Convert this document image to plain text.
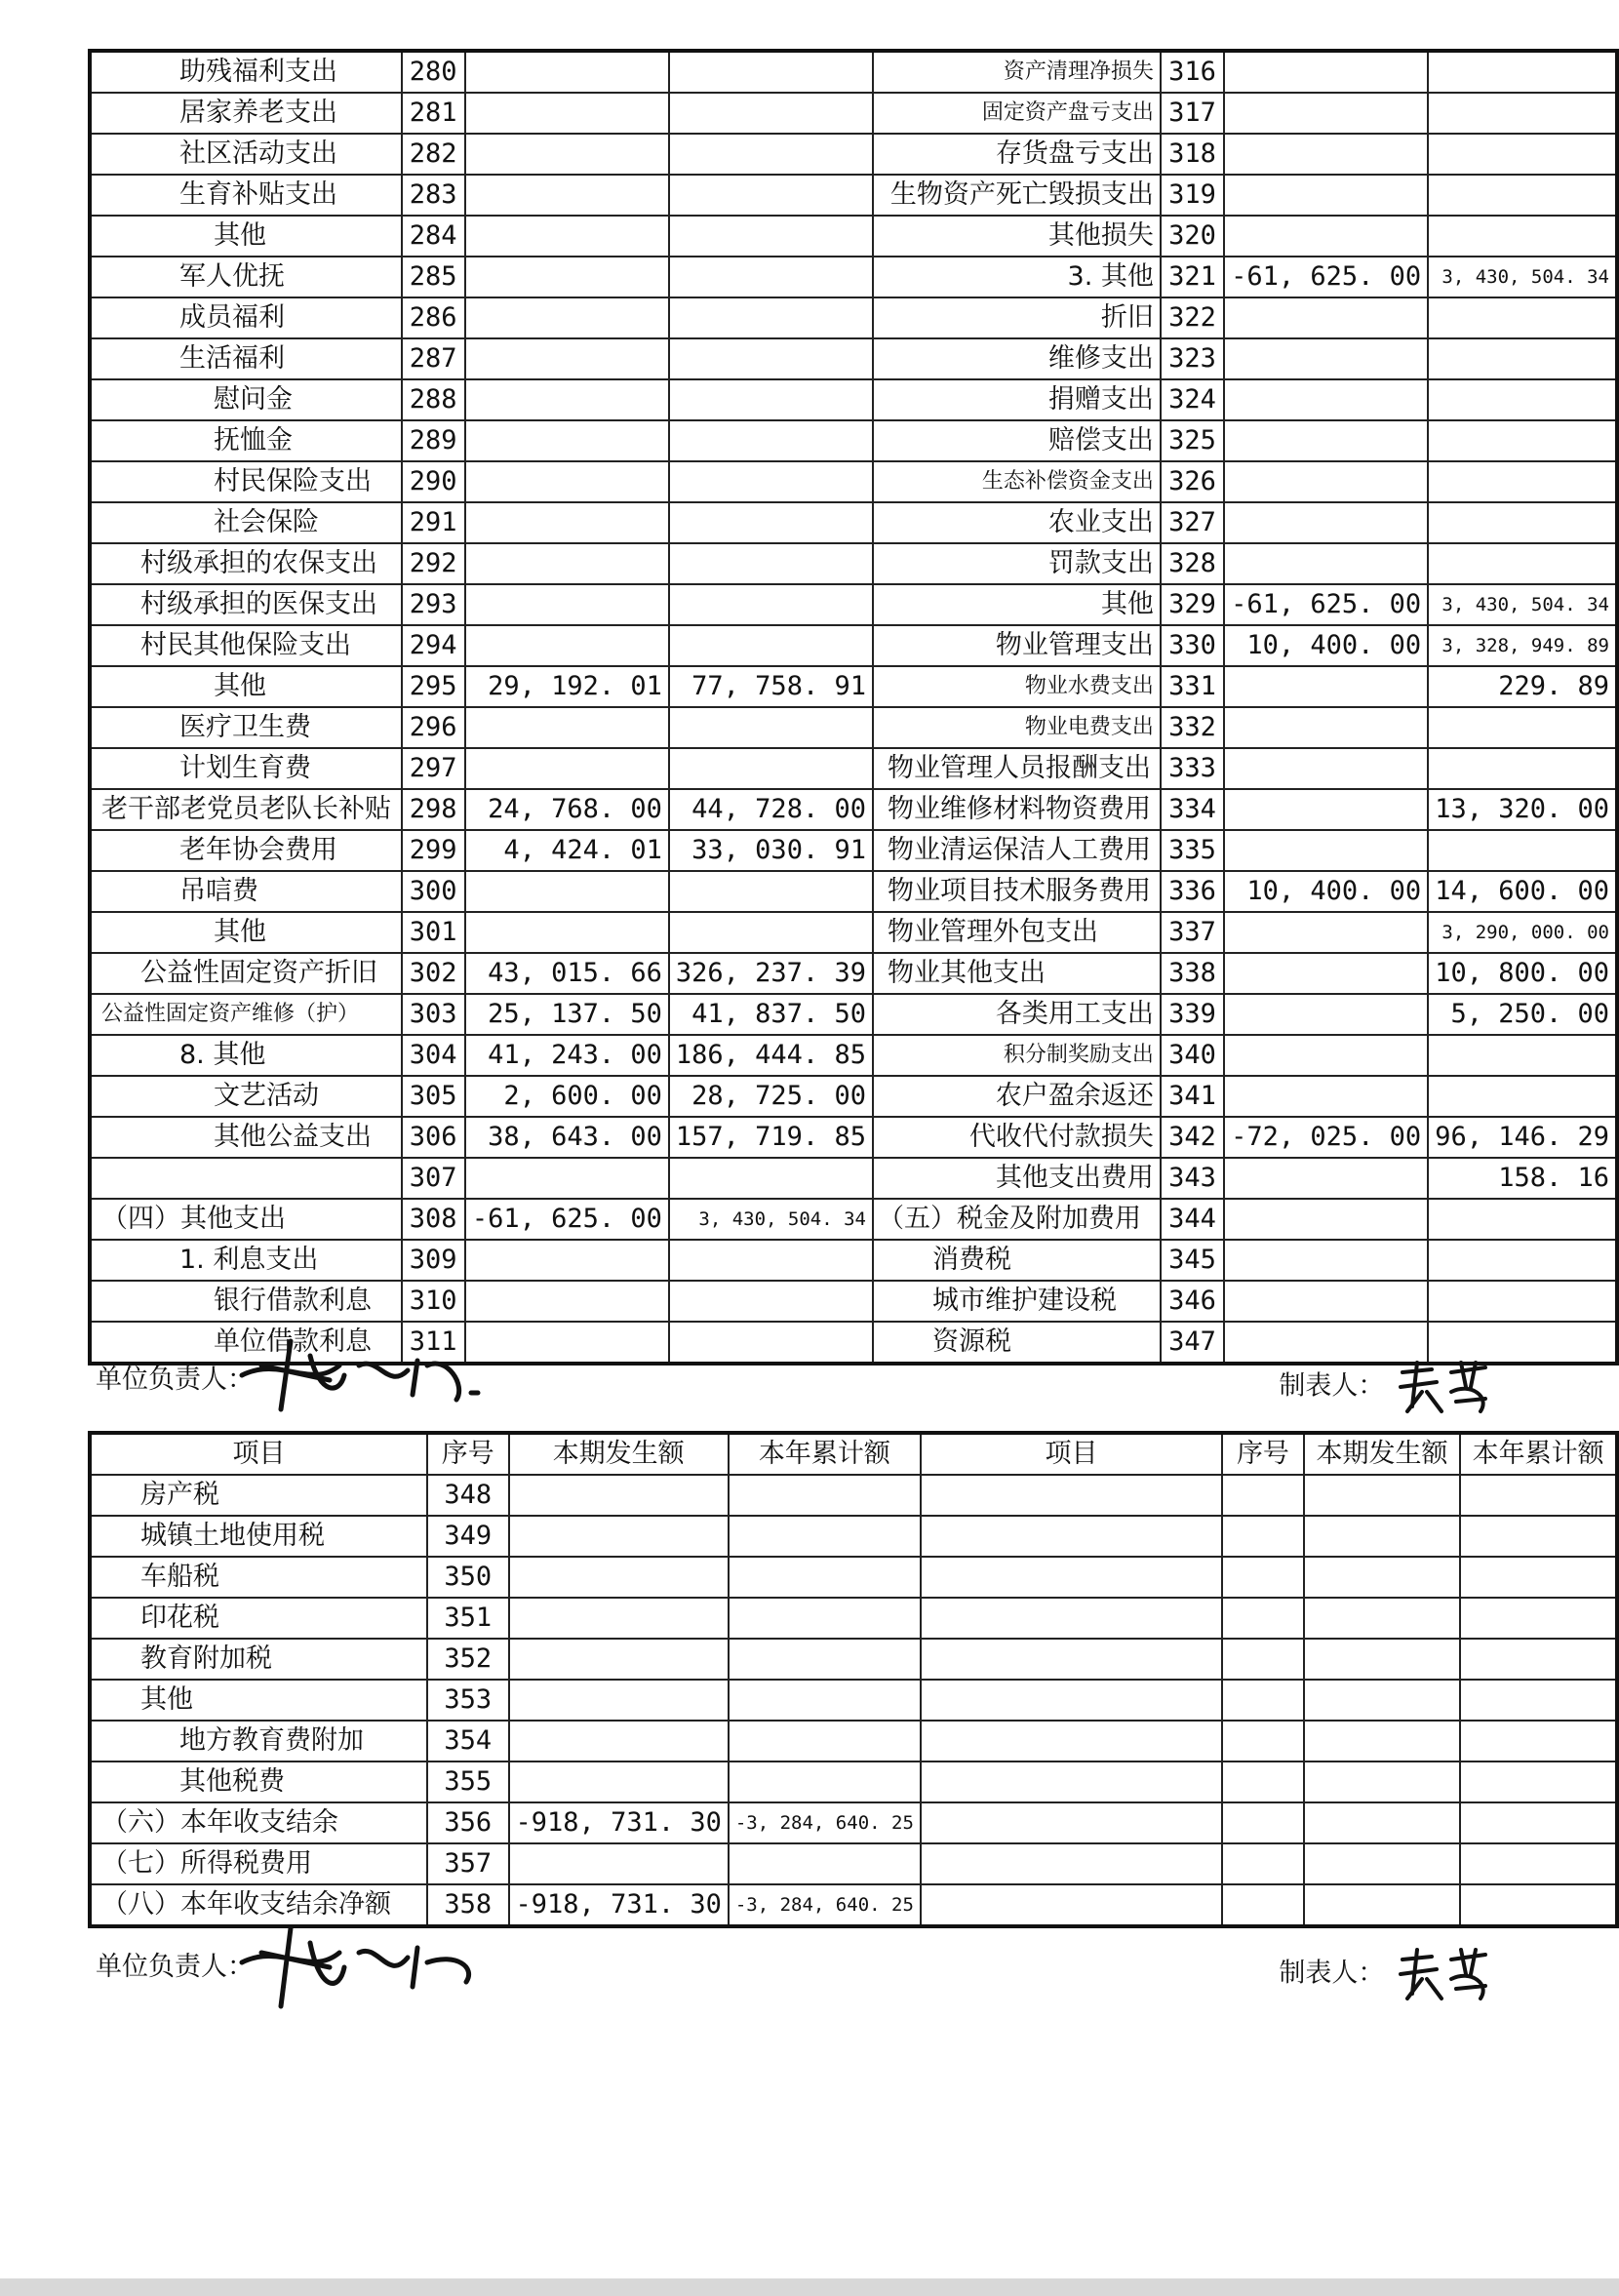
助残福利支出	280			资产清理净损失	316		
居家养老支出	281			固定资产盘亏支出	317		
社区活动支出	282			存货盘亏支出	318		
生育补贴支出	283			生物资产死亡毁损支出	319		
其他	284			其他损失	320		
军人优抚	285			3. 其他	321	-61, 625. 00	3, 430, 504. 34
成员福利	286			折旧	322		
生活福利	287			维修支出	323		
慰问金	288			捐赠支出	324		
抚恤金	289			赔偿支出	325		
村民保险支出	290			生态补偿资金支出	326		
社会保险	291			农业支出	327		
村级承担的农保支出	292			罚款支出	328		
村级承担的医保支出	293			其他	329	-61, 625. 00	3, 430, 504. 34
村民其他保险支出	294			物业管理支出	330	10, 400. 00	3, 328, 949. 89
其他	295	29, 192. 01	77, 758. 91	物业水费支出	331		229. 89
医疗卫生费	296			物业电费支出	332		
计划生育费	297			物业管理人员报酬支出	333		
老干部老党员老队长补贴	298	24, 768. 00	44, 728. 00	物业维修材料物资费用	334		13, 320. 00
老年协会费用	299	4, 424. 01	33, 030. 91	物业清运保洁人工费用	335		
吊唁费	300			物业项目技术服务费用	336	10, 400. 00	14, 600. 00
其他	301			物业管理外包支出	337		3, 290, 000. 00
公益性固定资产折旧	302	43, 015. 66	326, 237. 39	物业其他支出	338		10, 800. 00
公益性固定资产维修（护）	303	25, 137. 50	41, 837. 50	各类用工支出	339		5, 250. 00
8. 其他	304	41, 243. 00	186, 444. 85	积分制奖励支出	340		
文艺活动	305	2, 600. 00	28, 725. 00	农户盈余返还	341		
其他公益支出	306	38, 643. 00	157, 719. 85	代收代付款损失	342	-72, 025. 00	96, 146. 29
	307			其他支出费用	343		158. 16
（四）其他支出	308	-61, 625. 00	3, 430, 504. 34	（五）税金及附加费用	344		
1. 利息支出	309			消费税	345		
银行借款利息	310			城市维护建设税	346		
单位借款利息	311			资源税	347		
单位负责人：	制表人：
项目	序号	本期发生额	本年累计额	项目	序号	本期发生额	本年累计额
房产税	348						
城镇土地使用税	349						
车船税	350						
印花税	351						
教育附加税	352						
其他	353						
地方教育费附加	354						
其他税费	355						
（六）本年收支结余	356	-918, 731. 30	-3, 284, 640. 25				
（七）所得税费用	357						
（八）本年收支结余净额	358	-918, 731. 30	-3, 284, 640. 25				
单位负责人：	制表人：
